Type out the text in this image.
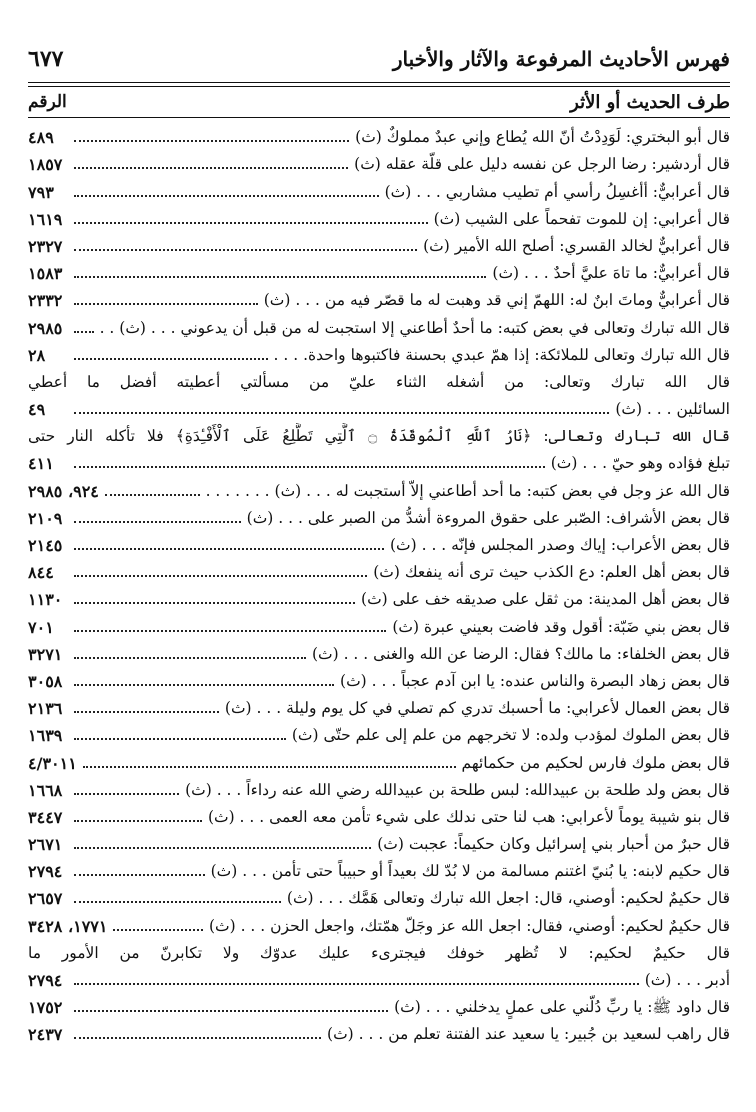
فهرس الأحاديث المرفوعة والآثار والأخبار
٦٧٧
طرف الحديث أو الأثر
الرقم
قال أبو البختري: لَوَدِدْتُ أنّ الله يُطاع وإني عبدٌ مملوكٌ (ث)
٤٨٩
قال أردشير: رضا الرجل عن نفسه دليل على قلّة عقله (ث)
١٨٥٧
قال أعرابيٌّ: أأغسِلُ رأسي أم تطيب مشاربي . . . (ث)
٧٩٣
قال أعرابي: إن للموت تفحماً على الشيب (ث)
١٦١٩
قال أعرابيٌّ لخالد القسري: أصلح الله الأمير (ث)
٢٣٢٧
قال أعرابيٌّ: ما تاهَ عليَّ أحدٌ . . . (ث)
١٥٨٣
قال أعرابيٌّ وماتَ ابنٌ له: اللهمّ إني قد وهبت له ما قصّر فيه من . . . (ث)
٢٣٣٢
قال الله تبارك وتعالى في بعض كتبه: ما أحدٌ أطاعني إلا استجبت له من قبل أن يدعوني . . . (ث) . .
٢٩٨٥
قال الله تبارك وتعالى للملائكة: إذا همّ عبدي بحسنة فاكتبوها واحدة. . . .
٢٨
قال الله تبارك وتعالى: من أشغله الثناء عليّ من مسألتي أعطيته أفضل ما أعطي
السائلين . . . (ث)
٤٩
قال الله تبارك وتعالى: ﴿نَارُ ٱللَّهِ ٱلْمُوقَدَةُ ۝ ٱلَّتِي تَطَّلِعُ عَلَى ٱلْأَفْـِٔدَةِ﴾ فلا تأكله النار حتى
تبلغ فؤاده وهو حيّ . . . (ث)
٤١١
قال الله عز وجل في بعض كتبه: ما أحد أطاعني إلاّ أستجبت له . . . (ث) . . . . . . .
٩٢٤، ٢٩٨٥
قال بعض الأشراف: الصّبر على حقوق المروءة أشدُّ من الصبر على . . . (ث)
٢١٠٩
قال بعض الأعراب: إياك وصدر المجلس فإنّه . . . (ث)
٢١٤٥
قال بعض أهل العلم: دع الكذب حيث ترى أنه ينفعك (ث)
٨٤٤
قال بعض أهل المدينة: من ثقل على صديقه خف على (ث)
١١٣٠
قال بعض بني ضَبّة: أقول وقد فاضت بعيني عبرة (ث)
٧٠١
قال بعض الخلفاء: ما مالك؟ فقال: الرضا عن الله والغنى . . . (ث)
٣٢٧١
قال بعض زهاد البصرة والناس عنده: يا ابن آدم عجباً . . . (ث)
٣٠٥٨
قال بعض العمال لأعرابي: ما أحسبك تدري كم تصلي في كل يوم وليلة . . . (ث)
٢١٣٦
قال بعض الملوك لمؤدب ولده: لا تخرجهم من علم إلى علم حتّى (ث)
١٦٣٩
قال بعض ملوك فارس لحكيم من حكمائهم
٤/٣٠١١
قال بعض ولد طلحة بن عبيدالله: لبس طلحة بن عبيدالله رضي الله عنه رداءاً . . . (ث)
١٦٦٨
قال بنو شيبة يوماً لأعرابي: هب لنا حتى ندلك على شيء تأمن معه العمى . . . (ث)
٣٤٤٧
قال حبرٌ من أحبار بني إسرائيل وكان حكيماً: عجبت (ث)
٢٦٧١
قال حكيم لابنه: يا بُنيّ اغتنم مسالمة من لا بُدّ لك بعيداً أو حبيباً حتى تأمن . . . (ث)
٢٧٩٤
قال حكيمٌ لحكيم: أوصني، قال: اجعل الله تبارك وتعالى هَمَّك . . . (ث)
٢٦٥٧
قال حكيمٌ لحكيم: أوصني، فقال: اجعل الله عز وجَلّ همّتك، واجعل الحزن . . . (ث)
١٧٧١، ٣٤٢٨
قال حكيمٌ لحكيم: لا تُظهر خوفك فيجترىء عليك عدوّك ولا تكابرنّ من الأمور ما
أدبر . . . (ث)
٢٧٩٤
قال داود ﷺ: يا ربِّ دُلّني على عملٍ يدخلني . . . (ث)
١٧٥٢
قال راهب لسعيد بن جُبير: يا سعيد عند الفتنة تعلم من . . . (ث)
٢٤٣٧
